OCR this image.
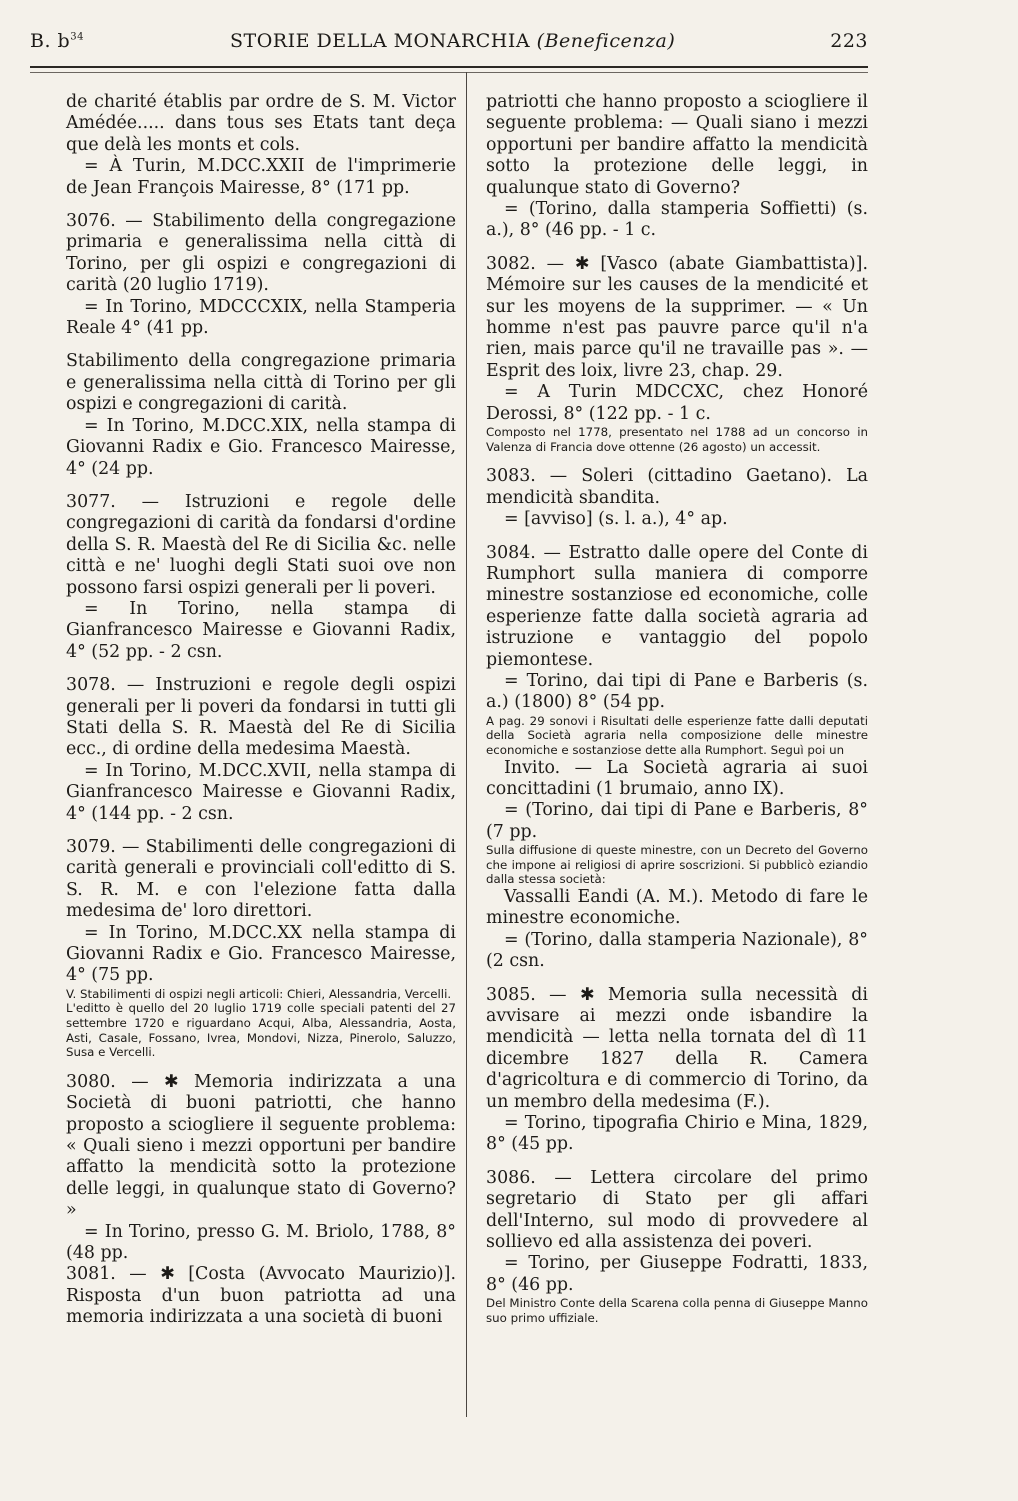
B. $b^{34}$	STORIE DELLA MONARCHIA (Beneficenza)	223

de charité établis par ordre de S. M. Victor Amédée..... dans tous ses Etats tant deça que delà les monts et cols.

= À Turin, M.DCC.XXII de l'imprimerie de Jean François Mairesse, 8° (171 pp.

3076. — Stabilimento della congregazione primaria e generalissima nella città di Torino, per gli ospizi e congregazioni di carità (20 luglio 1719).

= In Torino, MDCCCXIX, nella Stamperia Reale 4° (41 pp.

Stabilimento della congregazione primaria e generalissima nella città di Torino per gli ospizi e congregazioni di carità.

= In Torino, M.DCC.XIX, nella stampa di Giovanni Radix e Gio. Francesco Mairesse, 4° (24 pp.

3077. — Istruzioni e regole delle congregazioni di carità da fondarsi d'ordine della S. R. Maestà del Re di Sicilia &c. nelle città e ne' luoghi degli Stati suoi ove non possono farsi ospizi generali per li poveri.

= In Torino, nella stampa di Gianfrancesco Mairesse e Giovanni Radix, 4° (52 pp. - 2 csn.

3078. — Instruzioni e regole degli ospizi generali per li poveri da fondarsi in tutti gli Stati della S. R. Maestà del Re di Sicilia ecc., di ordine della medesima Maestà.

= In Torino, M.DCC.XVII, nella stampa di Gianfrancesco Mairesse e Giovanni Radix, 4° (144 pp. - 2 csn.

3079. — Stabilimenti delle congregazioni di carità generali e provinciali coll'editto di S. S. R. M. e con l'elezione fatta dalla medesima de' loro direttori.

= In Torino, M.DCC.XX nella stampa di Giovanni Radix e Gio. Francesco Mairesse, 4° (75 pp.

V. Stabilimenti di ospizi negli articoli: Chieri, Alessandria, Vercelli.

L'editto è quello del 20 luglio 1719 colle speciali patenti del 27 settembre 1720 e riguardano Acqui, Alba, Alessandria, Aosta, Asti, Casale, Fossano, Ivrea, Mondovi, Nizza, Pinerolo, Saluzzo, Susa e Vercelli.

3080. — ✱ Memoria indirizzata a una Società di buoni patriotti, che hanno proposto a sciogliere il seguente problema: « Quali sieno i mezzi opportuni per bandire affatto la mendicità sotto la protezione delle leggi, in qualunque stato di Governo? »

= In Torino, presso G. M. Briolo, 1788, 8° (48 pp.

3081. — ✱ [Costa (Avvocato Maurizio)]. Risposta d'un buon patriotta ad una memoria indirizzata a una società di buoni

patriotti che hanno proposto a sciogliere il seguente problema: — Quali siano i mezzi opportuni per bandire affatto la mendicità sotto la protezione delle leggi, in qualunque stato di Governo?

= (Torino, dalla stamperia Soffietti) (s. a.), 8° (46 pp. - 1 c.

3082. — ✱ [Vasco (abate Giambattista)]. Mémoire sur les causes de la mendicité et sur les moyens de la supprimer. — « Un homme n'est pas pauvre parce qu'il n'a rien, mais parce qu'il ne travaille pas ». — Esprit des loix, livre 23, chap. 29.

= A Turin MDCCXC, chez Honoré Derossi, 8° (122 pp. - 1 c.

Composto nel 1778, presentato nel 1788 ad un concorso in Valenza di Francia dove ottenne (26 agosto) un accessit.

3083. — Soleri (cittadino Gaetano). La mendicità sbandita.

= [avviso] (s. l. a.), 4° ap.

3084. — Estratto dalle opere del Conte di Rumphort sulla maniera di comporre minestre sostanziose ed economiche, colle esperienze fatte dalla società agraria ad istruzione e vantaggio del popolo piemontese.

= Torino, dai tipi di Pane e Barberis (s. a.) (1800) 8° (54 pp.

A pag. 29 sonovi i Risultati delle esperienze fatte dalli deputati della Società agraria nella composizione delle minestre economiche e sostanziose dette alla Rumphort. Seguì poi un

Invito. — La Società agraria ai suoi concittadini (1 brumaio, anno IX).

= (Torino, dai tipi di Pane e Barberis, 8° (7 pp.

Sulla diffusione di queste minestre, con un Decreto del Governo che impone ai religiosi di aprire soscrizioni. Si pubblicò eziandio dalla stessa società:

Vassalli Eandi (A. M.). Metodo di fare le minestre economiche.

= (Torino, dalla stamperia Nazionale), 8° (2 csn.

3085. — ✱ Memoria sulla necessità di avvisare ai mezzi onde isbandire la mendicità — letta nella tornata del dì 11 dicembre 1827 della R. Camera d'agricoltura e di commercio di Torino, da un membro della medesima (F.).

= Torino, tipografia Chirio e Mina, 1829, 8° (45 pp.

3086. — Lettera circolare del primo segretario di Stato per gli affari dell'Interno, sul modo di provvedere al sollievo ed alla assistenza dei poveri.

= Torino, per Giuseppe Fodratti, 1833, 8° (46 pp.

Del Ministro Conte della Scarena colla penna di Giuseppe Manno suo primo uffiziale.
